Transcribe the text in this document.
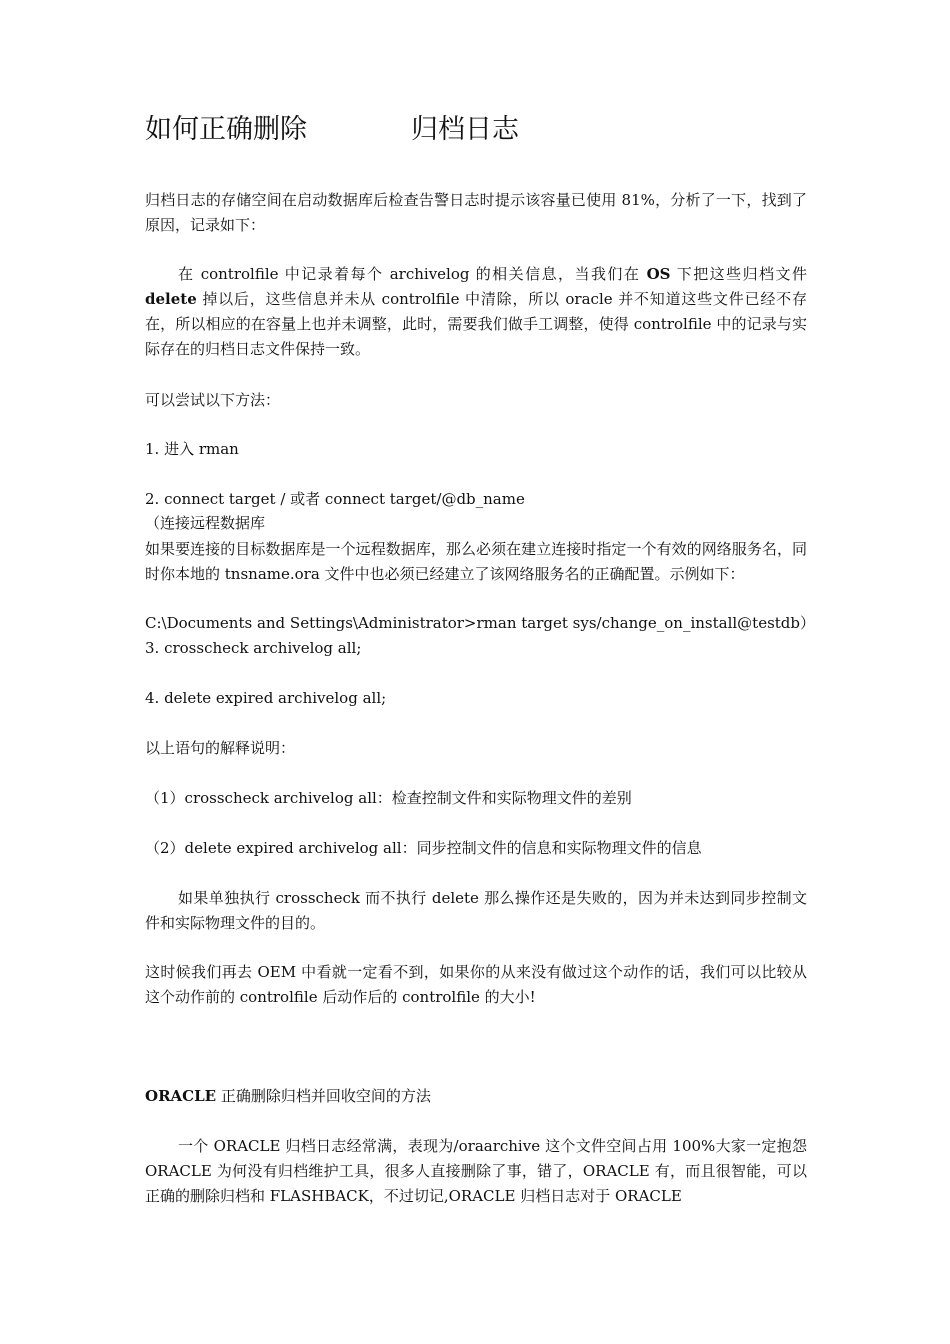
如何正确删除	归档日志
归档日志的存储空间在启动数据库后检查告警日志时提示该容量已使用 81%，分析了一下，找到了原因，记录如下：
在 controlfile 中记录着每个 archivelog 的相关信息，当我们在 OS 下把这些归档文件 delete 掉以后，这些信息并未从 controlfile 中清除，所以 oracle 并不知道这些文件已经不存在，所以相应的在容量上也并未调整，此时，需要我们做手工调整，使得 controlfile 中的记录与实际存在的归档日志文件保持一致。
可以尝试以下方法：
1. 进入 rman
2. connect target / 或者 connect target/@db_name
（连接远程数据库
如果要连接的目标数据库是一个远程数据库，那么必须在建立连接时指定一个有效的网络服务名，同时你本地的 tnsname.ora 文件中也必须已经建立了该网络服务名的正确配置。示例如下：
C:\Documents and Settings\Administrator>rman target sys/change_on_install@testdb）
3. crosscheck archivelog all;
4. delete expired archivelog all;
以上语句的解释说明：
（1）crosscheck archivelog all：检查控制文件和实际物理文件的差别
（2）delete expired archivelog all：同步控制文件的信息和实际物理文件的信息
如果单独执行 crosscheck 而不执行 delete 那么操作还是失败的，因为并未达到同步控制文件和实际物理文件的目的。
这时候我们再去 OEM 中看就一定看不到，如果你的从来没有做过这个动作的话，我们可以比较从这个动作前的 controlfile 后动作后的 controlfile 的大小!
ORACLE 正确删除归档并回收空间的方法
一个 ORACLE 归档日志经常满，表现为/oraarchive 这个文件空间占用 100%大家一定抱怨 ORACLE 为何没有归档维护工具，很多人直接删除了事，错了，ORACLE 有，而且很智能，可以正确的删除归档和 FLASHBACK，不过切记,ORACLE 归档日志对于 ORACLE
